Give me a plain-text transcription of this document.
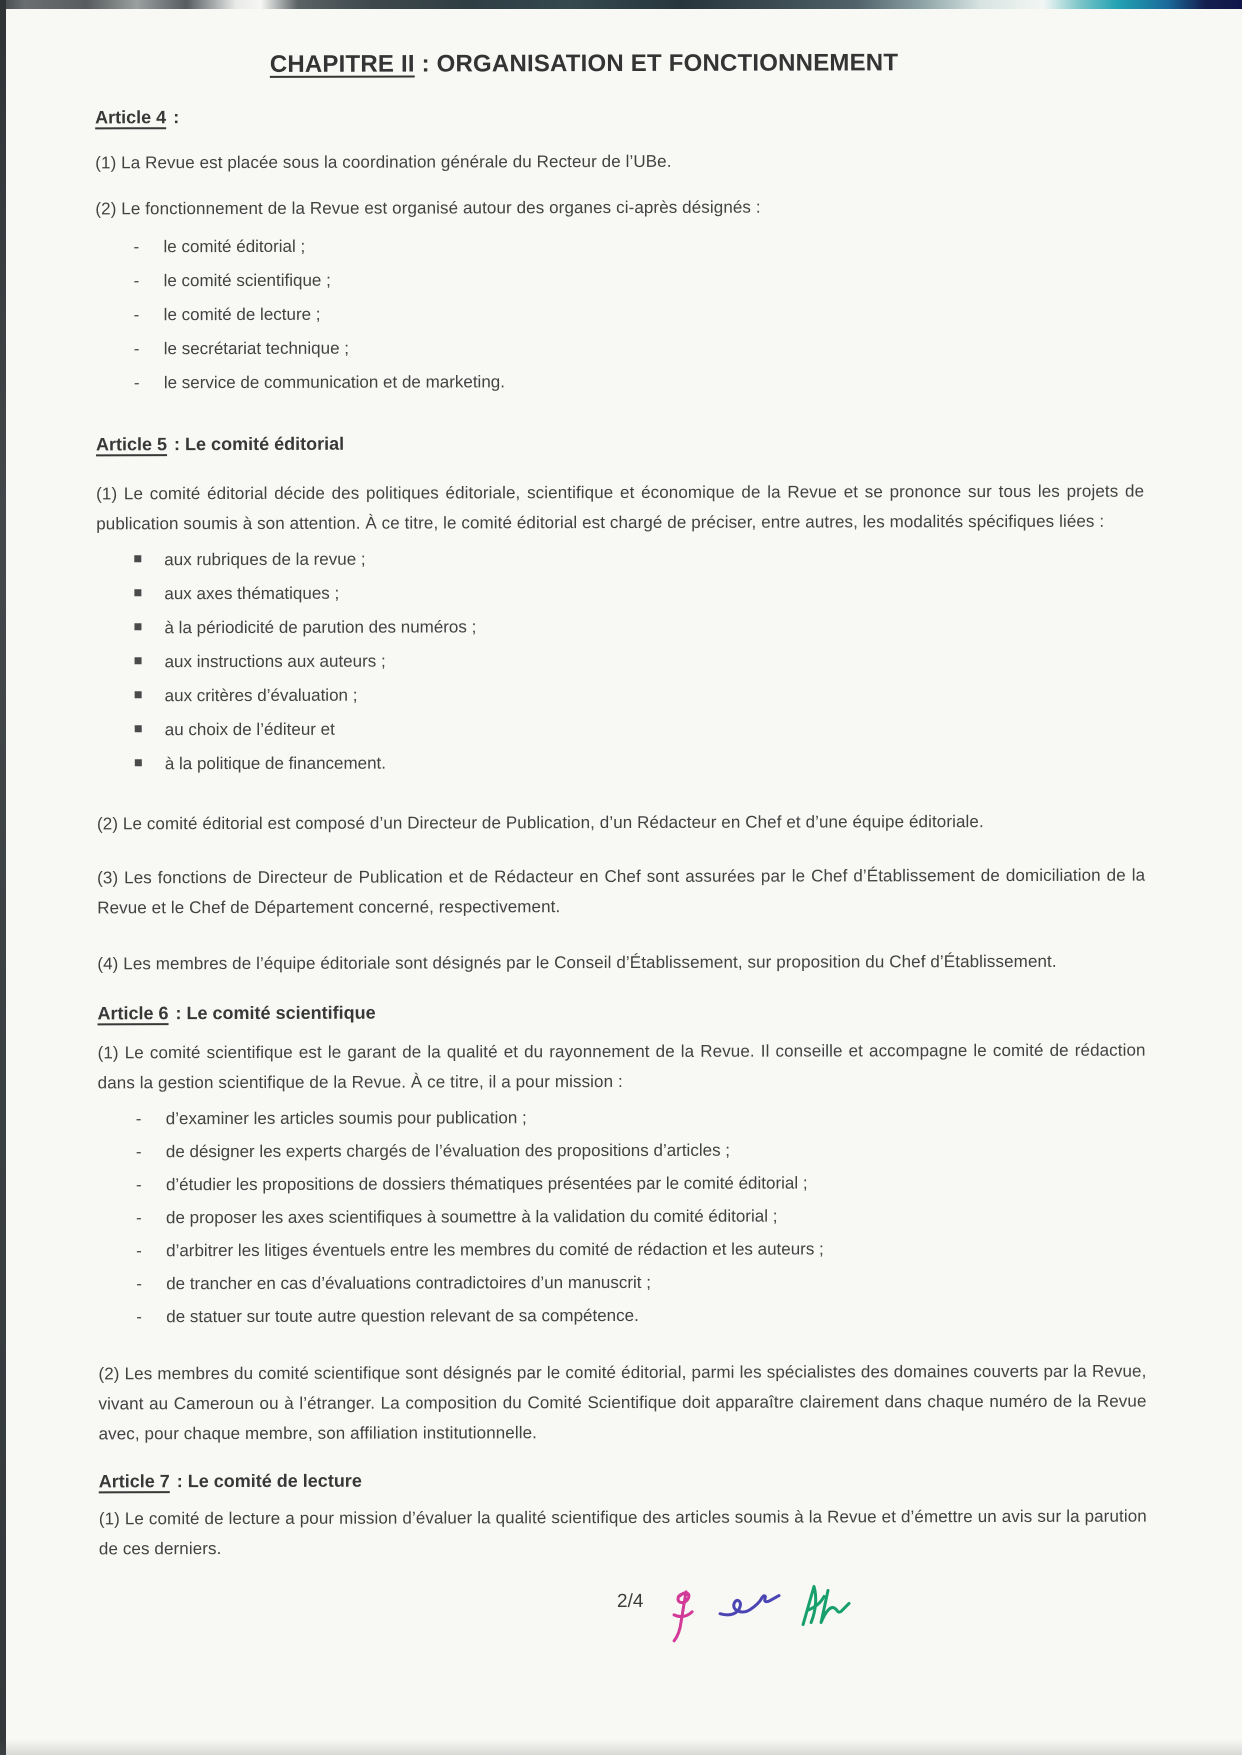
CHAPITRE II : ORGANISATION ET FONCTIONNEMENT
Article 4 :
(1) La Revue est placée sous la coordination générale du Recteur de l’UBe.
(2) Le fonctionnement de la Revue est organisé autour des organes ci-après désignés :
-	le comité éditorial ;
-	le comité scientifique ;
-	le comité de lecture ;
-	le secrétariat technique ;
-	le service de communication et de marketing.
Article 5 : Le comité éditorial
(1) Le comité éditorial décide des politiques éditoriale, scientifique et économique de la Revue et se prononce sur tous les projets de publication soumis à son attention. À ce titre, le comité éditorial est chargé de préciser, entre autres, les modalités spécifiques liées :
aux rubriques de la revue ;
aux axes thématiques ;
à la périodicité de parution des numéros ;
aux instructions aux auteurs ;
aux critères d’évaluation ;
au choix de l’éditeur et
à la politique de financement.
(2) Le comité éditorial est composé d’un Directeur de Publication, d’un Rédacteur en Chef et d’une équipe éditoriale.
(3) Les fonctions de Directeur de Publication et de Rédacteur en Chef sont assurées par le Chef d’Établissement de domiciliation de la Revue et le Chef de Département concerné, respectivement.
(4) Les membres de l’équipe éditoriale sont désignés par le Conseil d’Établissement, sur proposition du Chef d’Établissement.
Article 6 : Le comité scientifique
(1) Le comité scientifique est le garant de la qualité et du rayonnement de la Revue. Il conseille et accompagne le comité de rédaction dans la gestion scientifique de la Revue. À ce titre, il a pour mission :
-	d’examiner les articles soumis pour publication ;
-	de désigner les experts chargés de l’évaluation des propositions d’articles ;
-	d’étudier les propositions de dossiers thématiques présentées par le comité éditorial ;
-	de proposer les axes scientifiques à soumettre à la validation du comité éditorial ;
-	d’arbitrer les litiges éventuels entre les membres du comité de rédaction et les auteurs ;
-	de trancher en cas d’évaluations contradictoires d’un manuscrit ;
-	de statuer sur toute autre question relevant de sa compétence.
(2) Les membres du comité scientifique sont désignés par le comité éditorial, parmi les spécialistes des domaines couverts par la Revue, vivant au Cameroun ou à l’étranger. La composition du Comité Scientifique doit apparaître clairement dans chaque numéro de la Revue avec, pour chaque membre, son affiliation institutionnelle.
Article 7 : Le comité de lecture
(1) Le comité de lecture a pour mission d’évaluer la qualité scientifique des articles soumis à la Revue et d’émettre un avis sur la parution de ces derniers.
2/4
